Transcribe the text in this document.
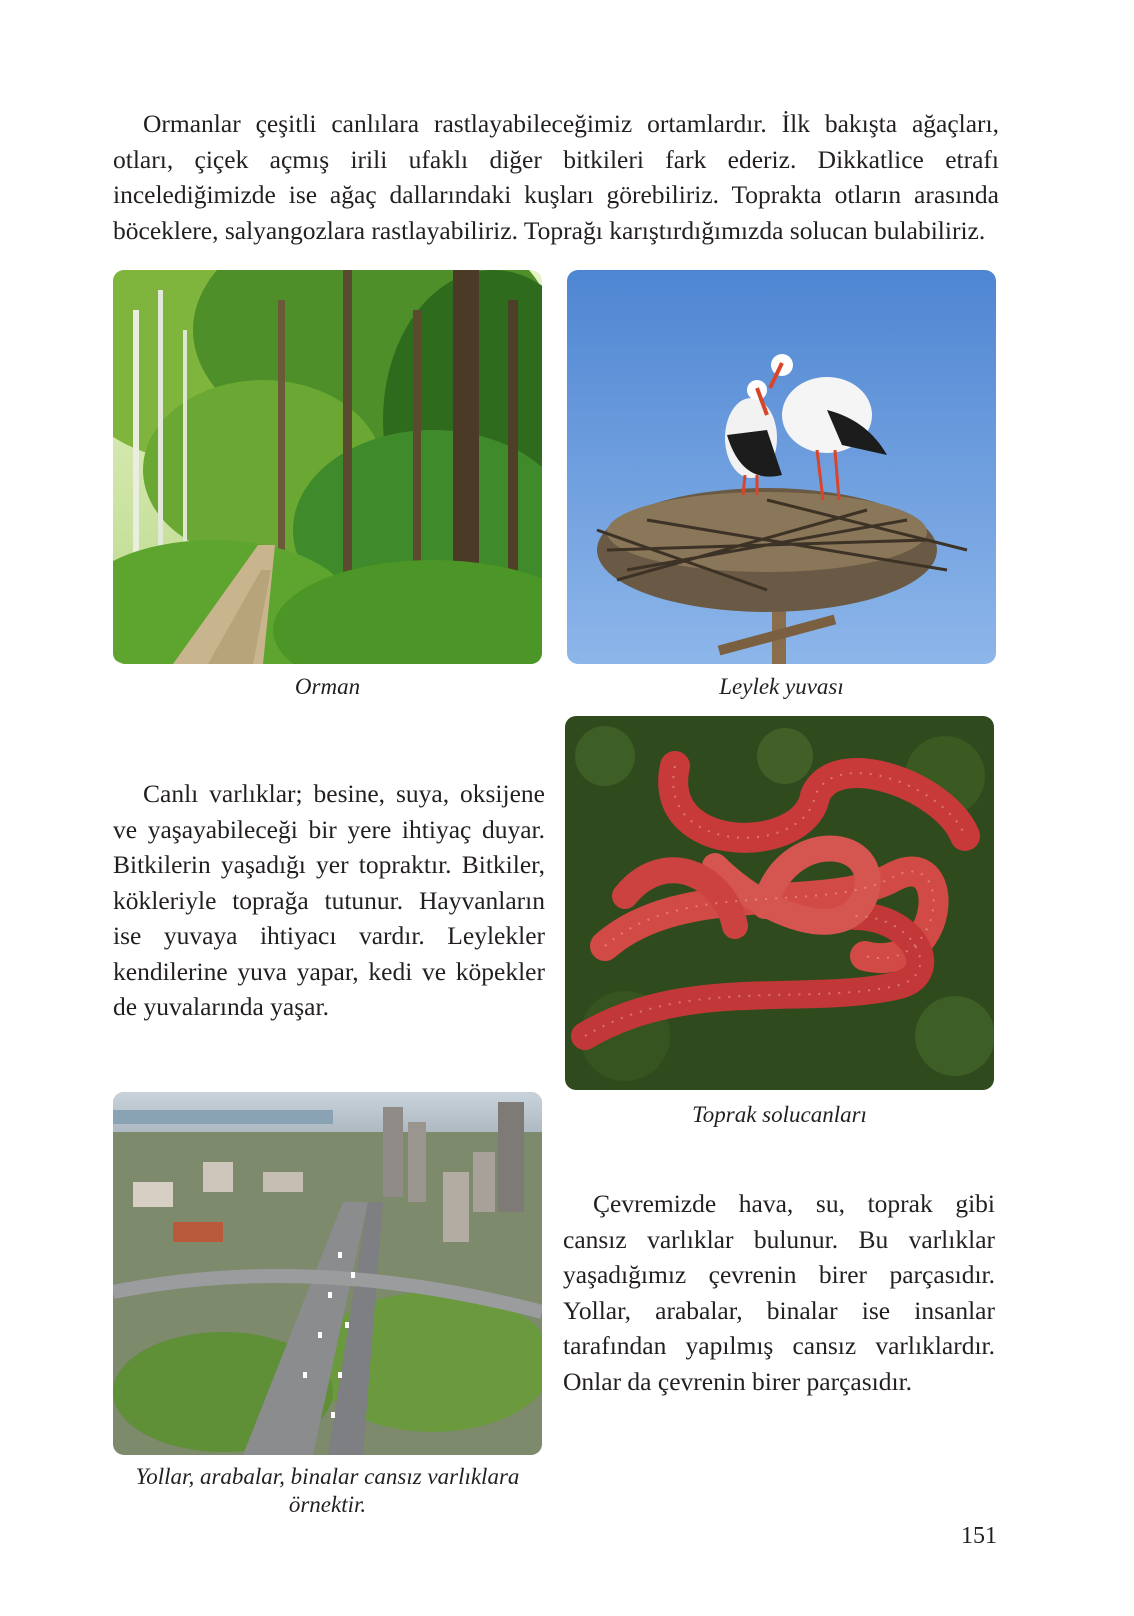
Ormanlar çeşitli canlılara rastlayabileceğimiz ortamlardır. İlk bakışta ağaçları, otları, çiçek açmış irili ufaklı diğer bitkileri fark ederiz. Dikkatlice etrafı incelediğimizde ise ağaç dallarındaki kuşları görebiliriz. Toprakta otların arasında böceklere, salyangozlara rastlayabiliriz. Toprağı karıştırdığımızda solucan bulabiliriz.

Orman	Leylek yuvası

Canlı varlıklar; besine, suya, oksijene ve yaşayabileceği bir yere ihtiyaç duyar. Bitkilerin yaşadığı yer topraktır. Bitkiler, kökleriyle toprağa tutunur. Hayvanların ise yuvaya ihtiyacı vardır. Leylekler kendilerine yuva yapar, kedi ve köpekler de yuvalarında yaşar.

Toprak solucanları

Yollar, arabalar, binalar cansız varlıklara örnektir.

Çevremizde hava, su, toprak gibi cansız varlıklar bulunur. Bu varlıklar yaşadığımız çevrenin birer parçasıdır. Yollar, arabalar, binalar ise insanlar tarafından yapılmış cansız varlıklardır. Onlar da çevrenin birer parçasıdır.

151
